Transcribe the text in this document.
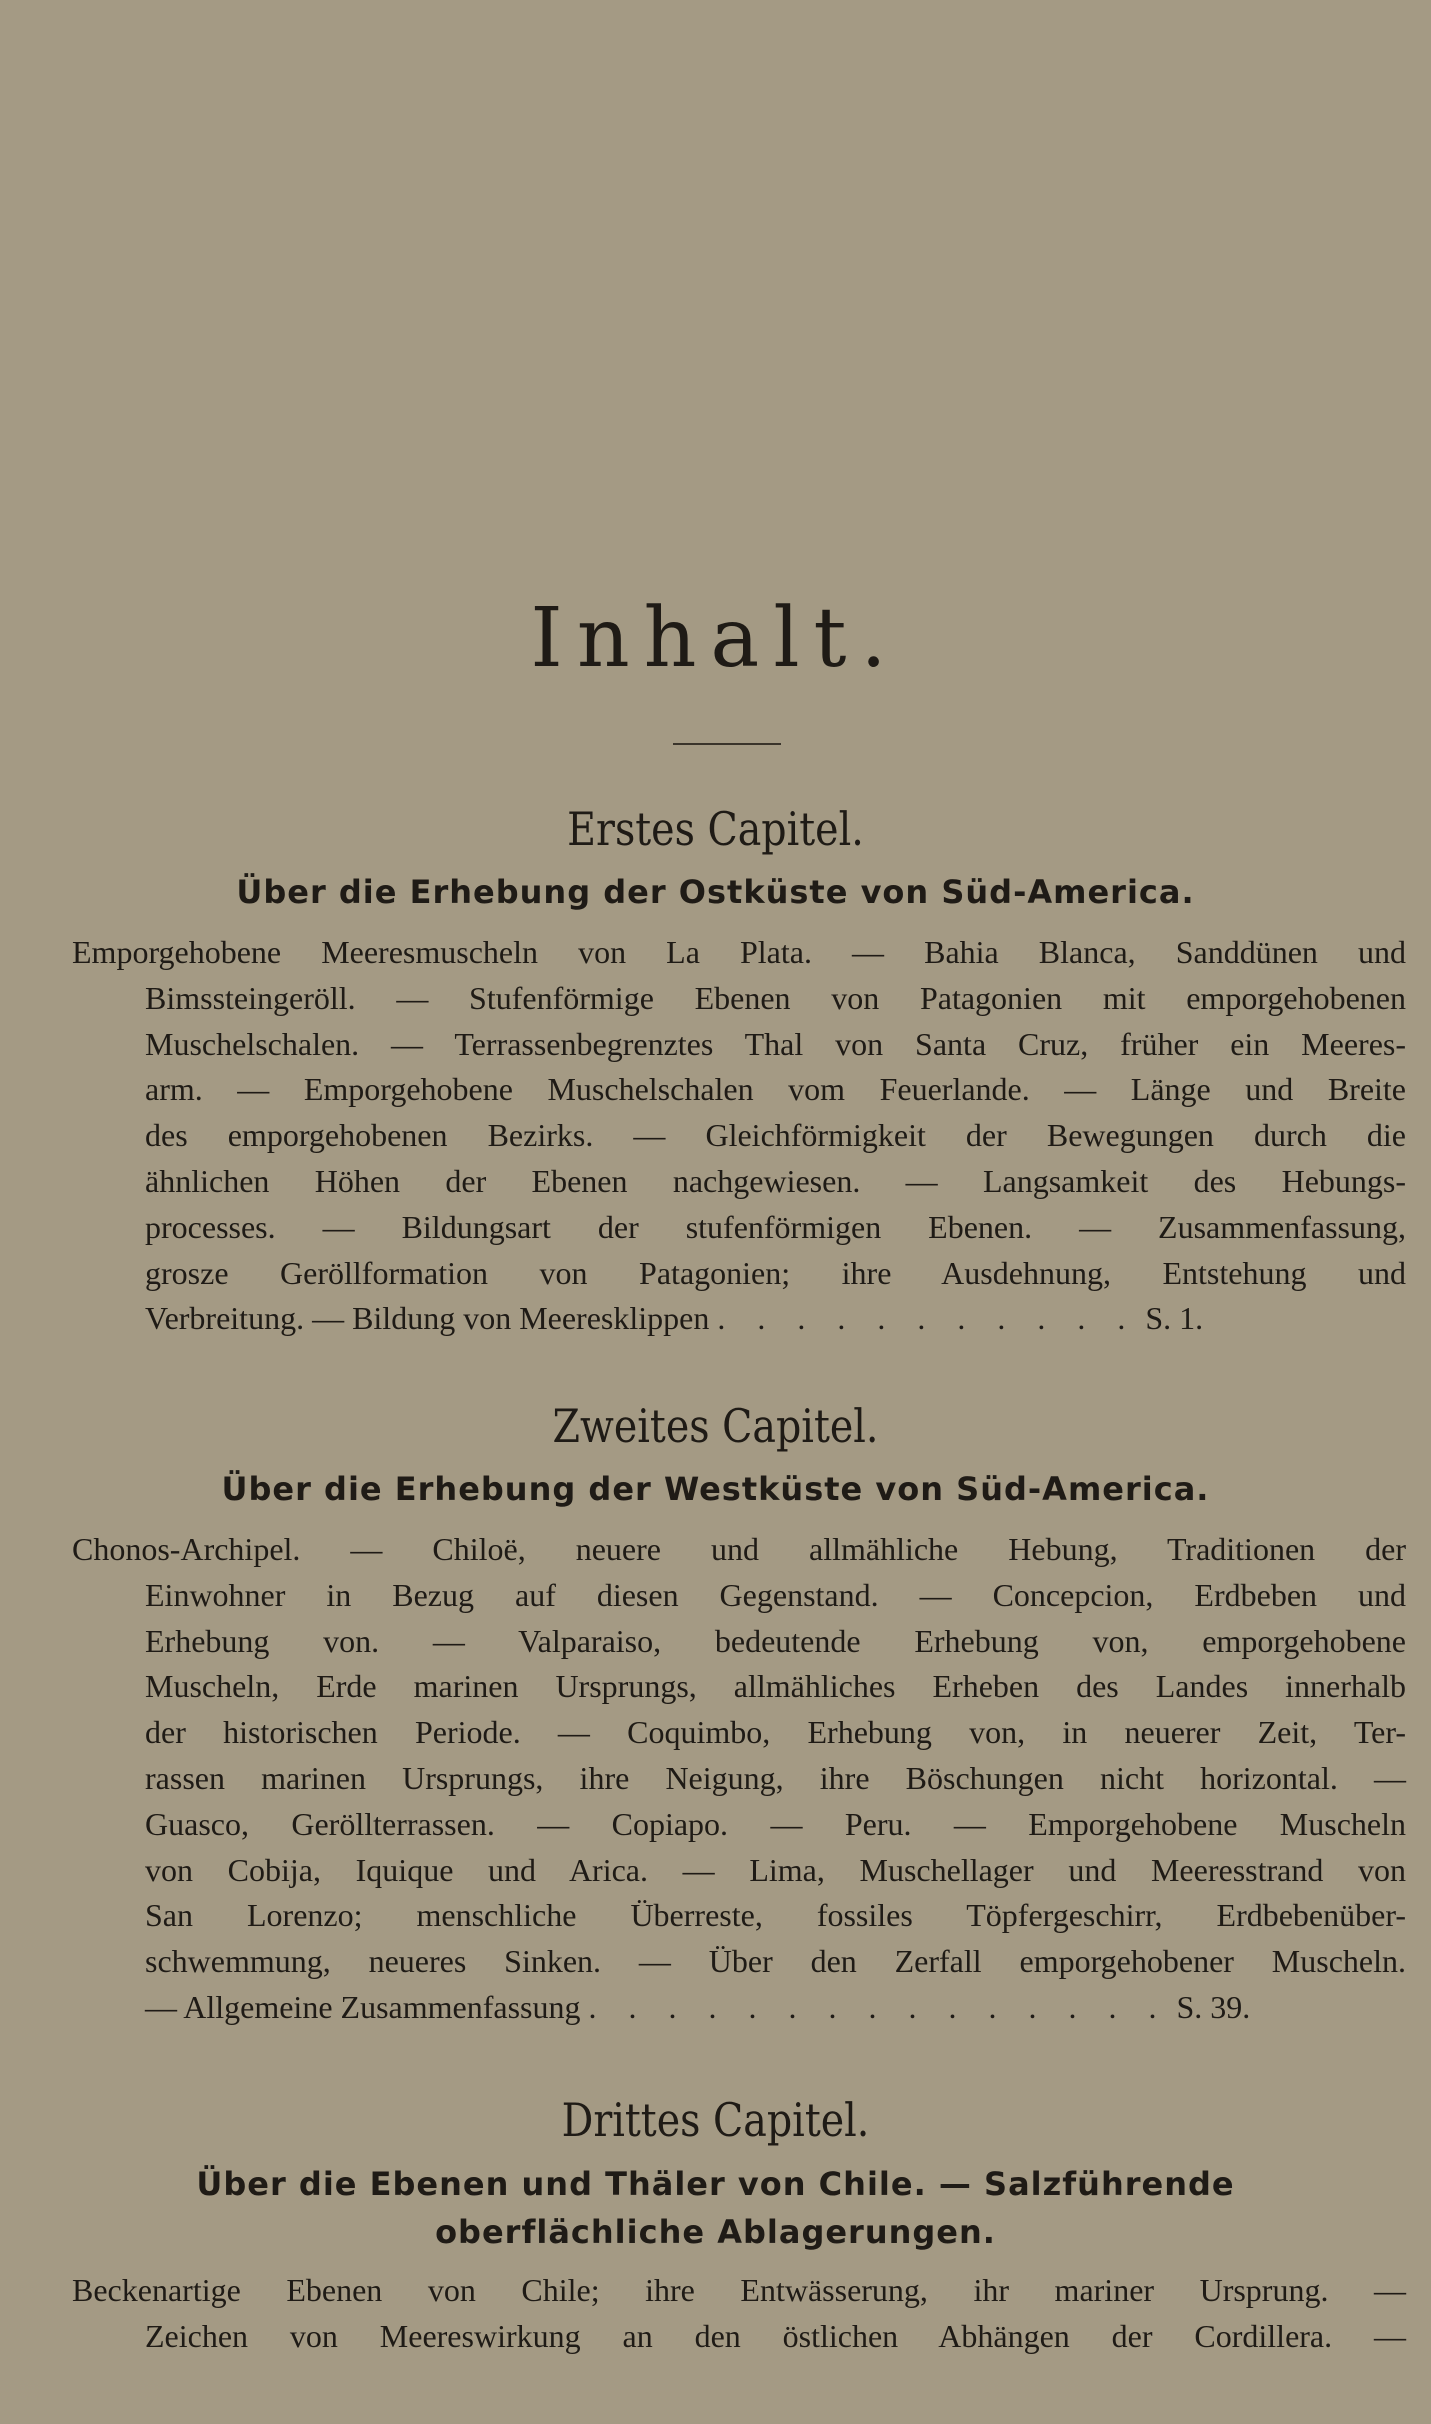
Inhalt.
Erstes Capitel.

Über die Erhebung der Ostküste von Süd-America.

Emporgehobene Meeresmuscheln von La Plata. — Bahia Blanca, Sanddünen und
Bimssteingeröll. — Stufenförmige Ebenen von Patagonien mit emporgehobenen
Muschelschalen. — Terrassenbegrenztes Thal von Santa Cruz, früher ein Meeres-
arm. — Emporgehobene Muschelschalen vom Feuerlande. — Länge und Breite
des emporgehobenen Bezirks. — Gleichförmigkeit der Bewegungen durch die
ähnlichen Höhen der Ebenen nachgewiesen. — Langsamkeit des Hebungs-
processes. — Bildungsart der stufenförmigen Ebenen. — Zusammenfassung,
grosze Geröllformation von Patagonien; ihre Ausdehnung, Entstehung und
Verbreitung. — Bildung von Meeresklippen . . . . . . . . . . . S. 1.
Zweites Capitel.

Über die Erhebung der Westküste von Süd-America.

Chonos-Archipel. — Chiloë, neuere und allmähliche Hebung, Traditionen der
Einwohner in Bezug auf diesen Gegenstand. — Concepcion, Erdbeben und
Erhebung von. — Valparaiso, bedeutende Erhebung von, emporgehobene
Muscheln, Erde marinen Ursprungs, allmähliches Erheben des Landes innerhalb
der historischen Periode. — Coquimbo, Erhebung von, in neuerer Zeit, Ter-
rassen marinen Ursprungs, ihre Neigung, ihre Böschungen nicht horizontal. —
Guasco, Geröllterrassen. — Copiapo. — Peru. — Emporgehobene Muscheln
von Cobija, Iquique und Arica. — Lima, Muschellager und Meeresstrand von
San Lorenzo; menschliche Überreste, fossiles Töpfergeschirr, Erdbebenüber-
schwemmung, neueres Sinken. — Über den Zerfall emporgehobener Muscheln.
— Allgemeine Zusammenfassung . . . . . . . . . . . . . . . S. 39.
Drittes Capitel.

Über die Ebenen und Thäler von Chile. — Salzführende oberflächliche Ablagerungen.

Beckenartige Ebenen von Chile; ihre Entwässerung, ihr mariner Ursprung. —
Zeichen von Meereswirkung an den östlichen Abhängen der Cordillera. —
